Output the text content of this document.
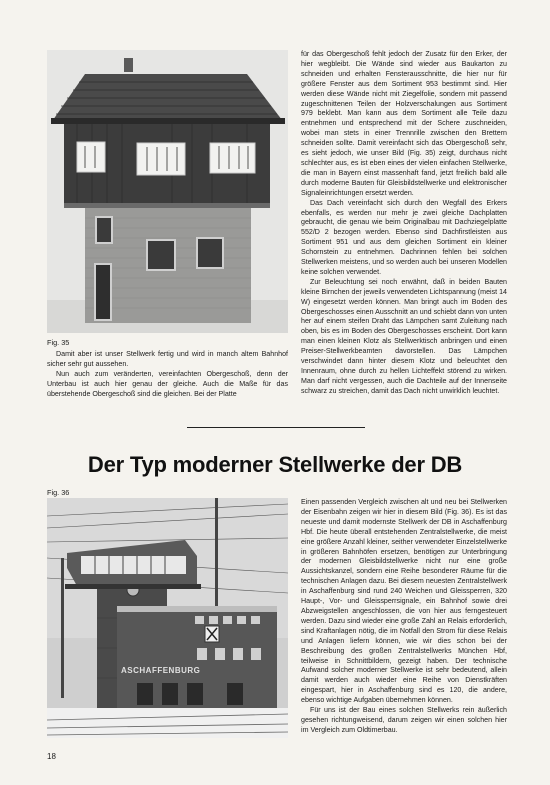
Fig. 35

Damit aber ist unser Stellwerk fertig und wird in manch altem Bahnhof sicher sehr gut aussehen.

Nun auch zum veränderten, vereinfachten Obergeschoß, denn der Unterbau ist auch hier genau der gleiche. Auch die Maße für das überstehende Obergeschoß sind die gleichen. Bei der Platte

für das Obergeschoß fehlt jedoch der Zusatz für den Erker, der hier wegbleibt. Die Wände sind wieder aus Baukarton zu schneiden und erhalten Fensterausschnitte, die hier nur für größere Fenster aus dem Sortiment 953 bestimmt sind. Hier werden diese Wände nicht mit Ziegelfolie, sondern mit passend zugeschnittenen Teilen der Holzverschalungen aus Sortiment 979 beklebt. Man kann aus dem Sortiment alle Teile dazu entnehmen und entsprechend mit der Schere zuschneiden, wobei man stets in einer Trennrille zwischen den Brettern schneiden sollte. Damit vereinfacht sich das Obergeschoß sehr, es sieht jedoch, wie unser Bild (Fig. 35) zeigt, durchaus nicht schlechter aus, es ist eben eines der vielen einfachen Stellwerke, die man in Bayern einst massenhaft fand, jetzt freilich bald alle durch moderne Bauten für Gleisbildstellwerke und elektronischer Signaleinrichtungen ersetzt werden.

Das Dach vereinfacht sich durch den Wegfall des Erkers ebenfalls, es werden nur mehr je zwei gleiche Dachplatten gebraucht, die genau wie beim Originalbau mit Dachziegelplatte 552/D 2 bezogen werden. Ebenso sind Dachfirstleisten aus Sortiment 951 und aus dem gleichen Sortiment ein kleiner Schornstein zu entnehmen. Dachrinnen fehlen bei solchen Stellwerken meistens, und so werden auch bei unseren Modellen keine solchen verwendet.

Zur Beleuchtung sei noch erwähnt, daß in beiden Bauten kleine Birnchen der jeweils verwendeten Lichtspannung (meist 14 W) eingesetzt werden können. Man bringt auch im Boden des Obergeschosses einen Ausschnitt an und schiebt dann von unten her auf einem steifen Draht das Lämpchen samt Zuleitung nach oben, bis es im Boden des Obergeschosses erscheint. Dort kann man einen kleinen Klotz als Stellwerktisch anbringen und einen Preiser-Stellwerkbeamten davorstellen. Das Lämpchen verschwindet dann hinter diesem Klotz und beleuchtet den Innenraum, ohne durch zu hellen Lichteffekt störend zu wirken. Man darf nicht vergessen, auch die Dachteile auf der Innenseite schwarz zu streichen, damit das Dach nicht unwirklich leuchtet.

Der Typ moderner Stellwerke der DB
Fig. 36
ASCHAFFENBURG

Einen passenden Vergleich zwischen alt und neu bei Stellwerken der Eisenbahn zeigen wir hier in diesem Bild (Fig. 36). Es ist das neueste und damit modernste Stellwerk der DB in Aschaffenburg Hbf. Die heute überall entstehenden Zentralstellwerke, die meist eine größere Anzahl kleiner, seither verwendeter Einzelstellwerke in größeren Bahnhöfen ersetzen, benötigen zur Unterbringung der modernen Gleisbildstellwerke nicht nur eine große Aussichtskanzel, sondern eine Reihe besonderer Räume für die technischen Anlagen dazu. Bei diesem neuesten Zentralstellwerk in Aschaffenburg sind rund 240 Weichen und Gleissperren, 320 Haupt-, Vor- und Gleissperrsignale, ein Bahnhof sowie drei Abzweigstellen angeschlossen, die von hier aus ferngesteuert werden. Dazu sind wieder eine große Zahl an Relais erforderlich, sind Kraftanlagen nötig, die im Notfall den Strom für diese Relais und Anlagen liefern können, wie wir dies schon bei der Beschreibung des großen Zentralstellwerks München Hbf, teilweise in Schnittbildern, gezeigt haben. Der technische Aufwand solcher moderner Stellwerke ist sehr bedeutend, allein damit werden auch wieder eine Reihe von Dienstkräften eingespart, hier in Aschaffenburg sind es 120, die andere, ebenso wichtige Aufgaben übernehmen können.

Für uns ist der Bau eines solchen Stellwerks rein äußerlich gesehen richtungweisend, darum zeigen wir einen solchen hier im Vergleich zum Oldtimerbau.

18
